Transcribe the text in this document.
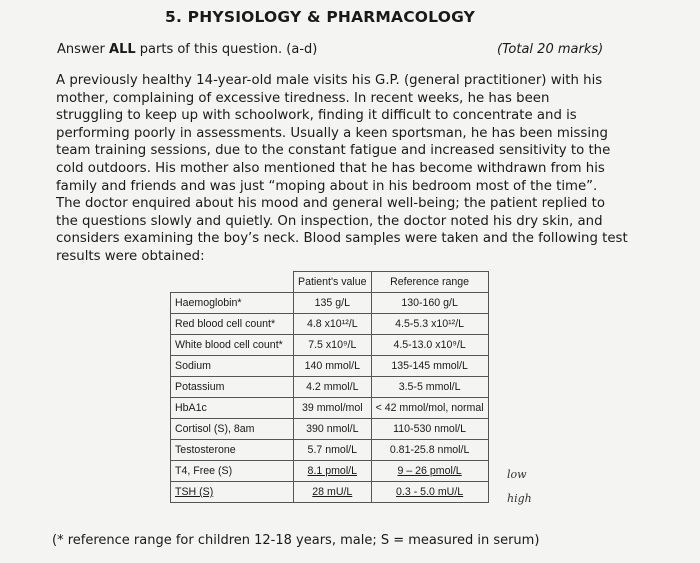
5. PHYSIOLOGY & PHARMACOLOGY
Answer ALL parts of this question. (a-d)	(Total 20 marks)
A previously healthy 14-year-old male visits his G.P. (general practitioner) with his
mother, complaining of excessive tiredness. In recent weeks, he has been
struggling to keep up with schoolwork, finding it difficult to concentrate and is
performing poorly in assessments. Usually a keen sportsman, he has been missing
team training sessions, due to the constant fatigue and increased sensitivity to the
cold outdoors. His mother also mentioned that he has become withdrawn from his
family and friends and was just “moping about in his bedroom most of the time”.
The doctor enquired about his mood and general well-being; the patient replied to
the questions slowly and quietly. On inspection, the doctor noted his dry skin, and
considers examining the boy’s neck. Blood samples were taken and the following test
results were obtained:
	Patient's value	Reference range
Haemoglobin*	135 g/L	130-160 g/L
Red blood cell count*	4.8 x10¹²/L	4.5-5.3 x10¹²/L
White blood cell count*	7.5 x10⁹/L	4.5-13.0 x10⁹/L
Sodium	140 mmol/L	135-145 mmol/L
Potassium	4.2 mmol/L	3.5-5 mmol/L
HbA1c	39 mmol/mol	< 42 mmol/mol, normal
Cortisol (S), 8am	390 nmol/L	110-530 nmol/L
Testosterone	5.7 nmol/L	0.81-25.8 nmol/L
T4, Free (S)	8.1 pmol/L	9 – 26 pmol/L
TSH (S)	28 mU/L	0.3 - 5.0 mU/L
low
high
(* reference range for children 12-18 years, male; S = measured in serum)
